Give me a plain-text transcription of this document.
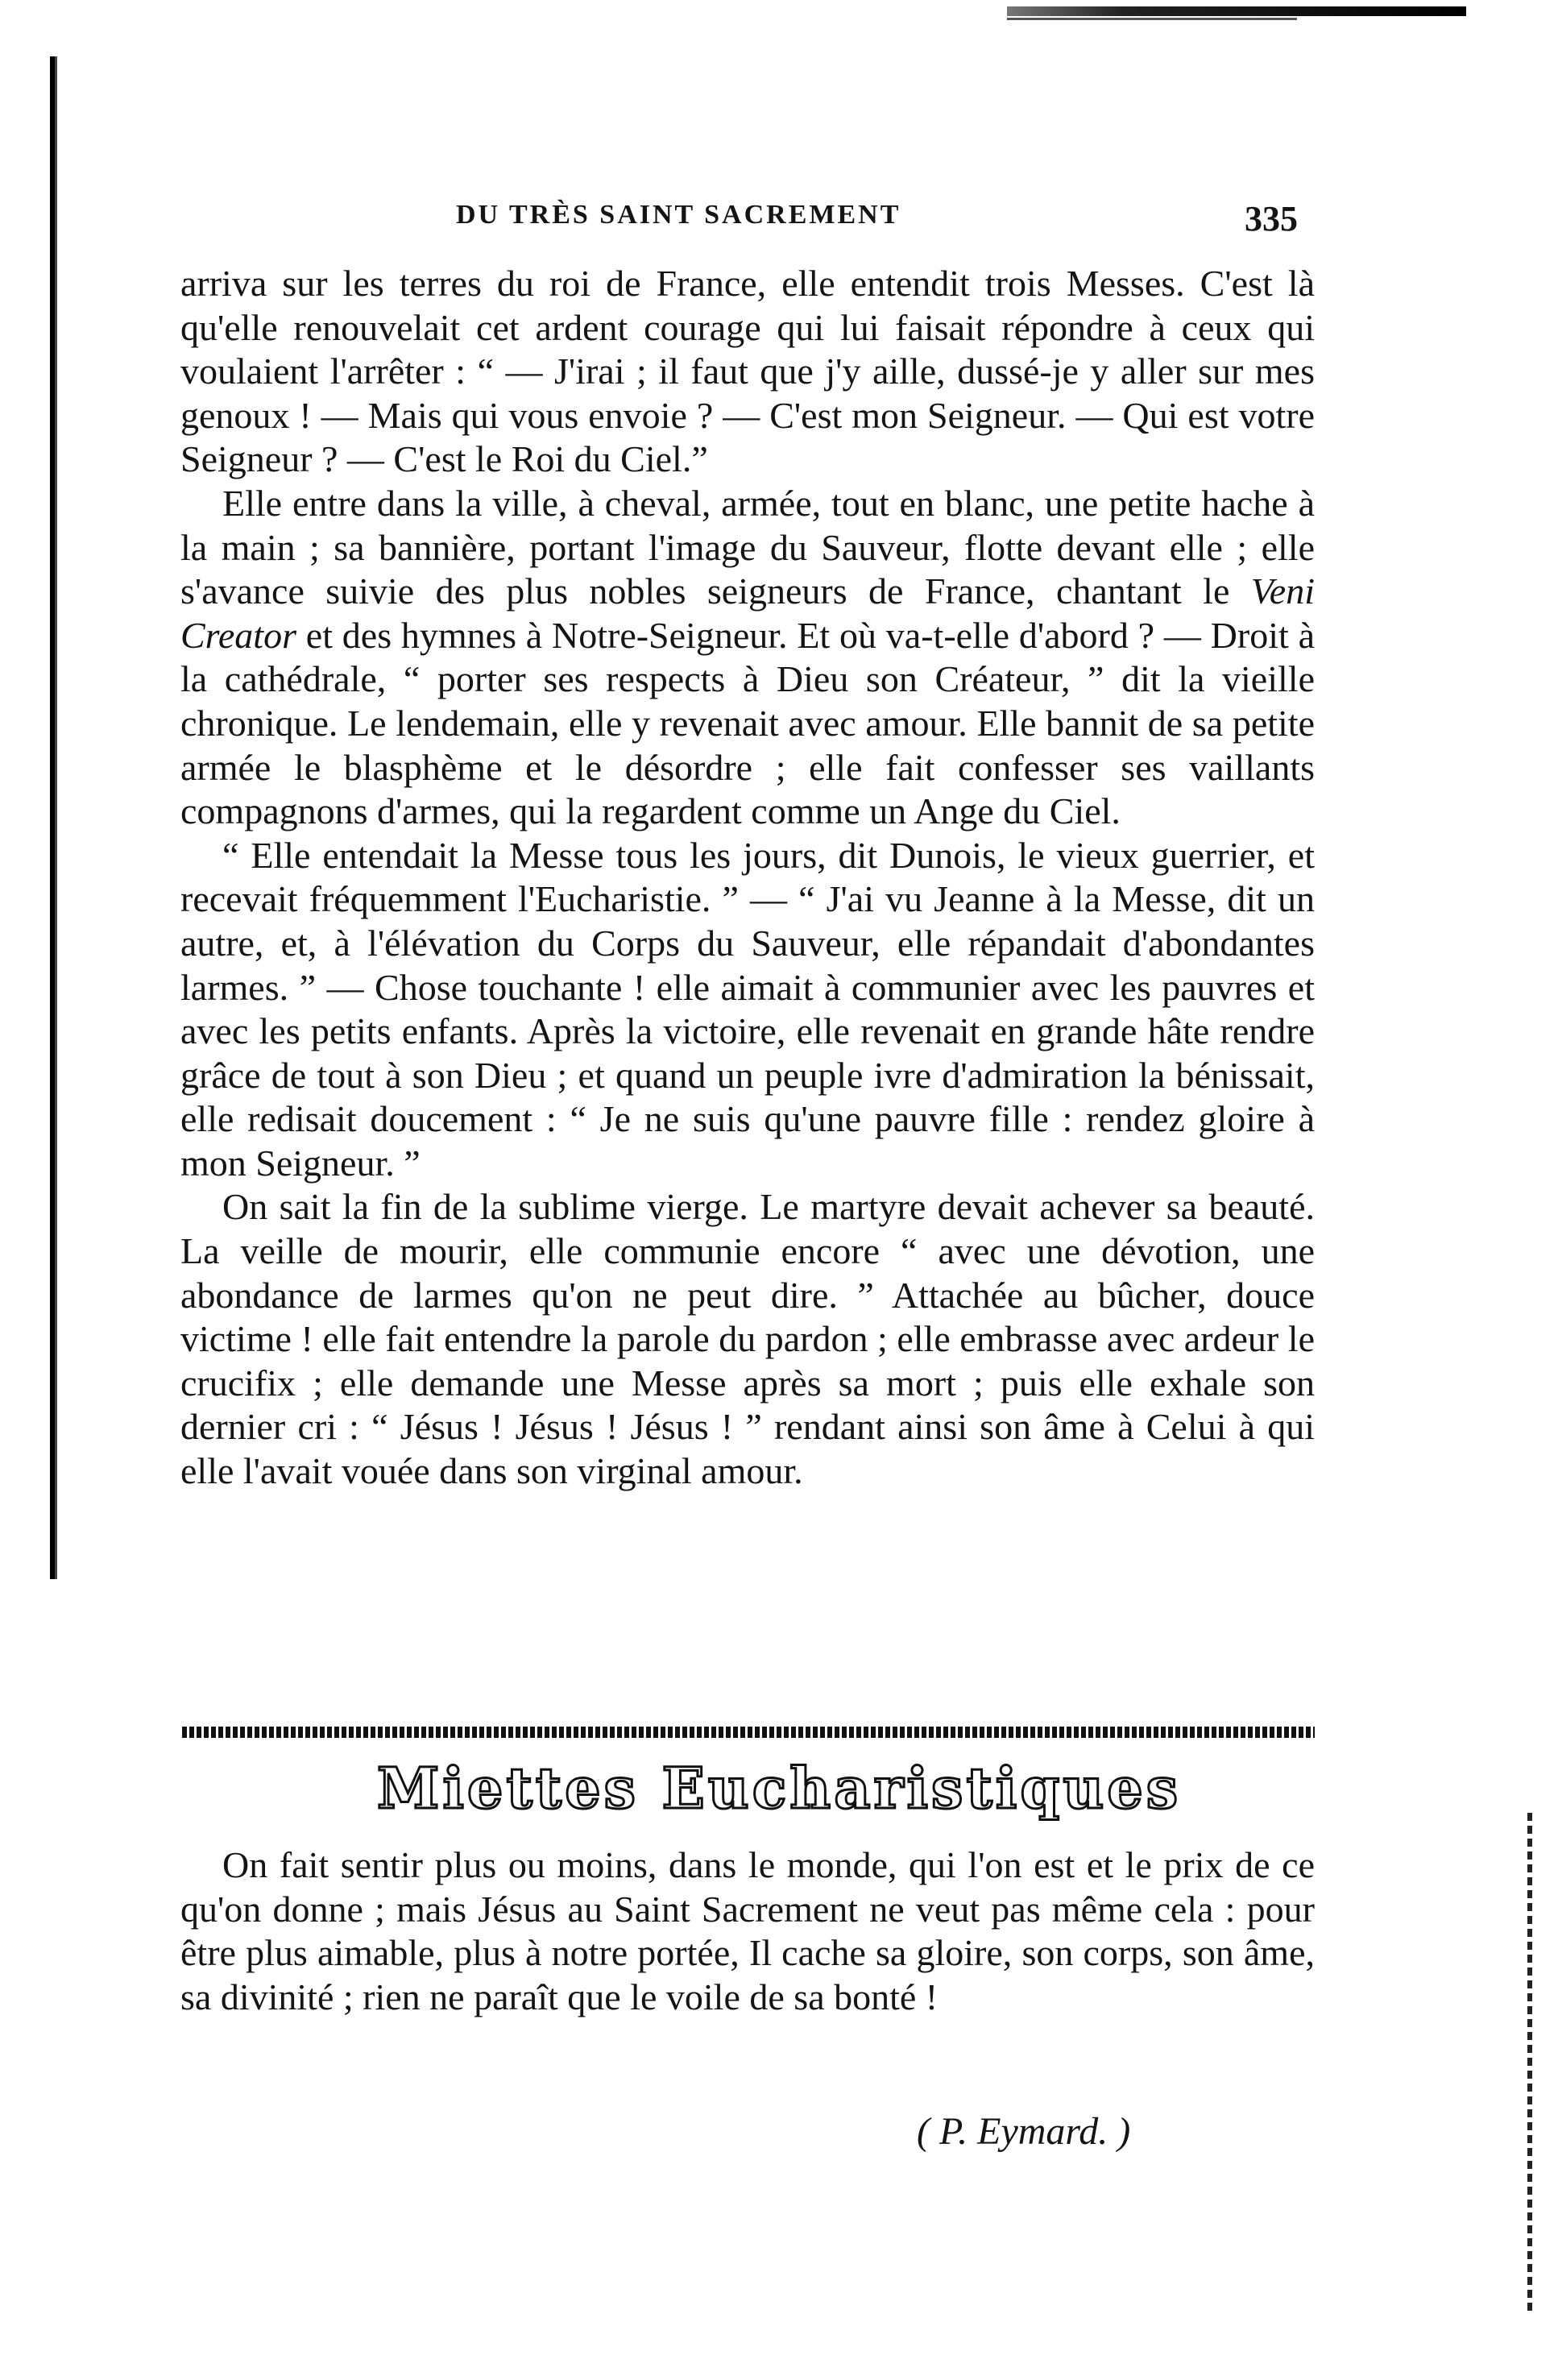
DU TRÈS SAINT SACREMENT	335

arriva sur les terres du roi de France, elle entendit trois Messes. C'est là qu'elle renouvelait cet ardent courage qui lui faisait répondre à ceux qui voulaient l'arrêter : “ — J'irai ; il faut que j'y aille, dussé-je y aller sur mes genoux ! — Mais qui vous envoie ? — C'est mon Seigneur. — Qui est votre Seigneur ? — C'est le Roi du Ciel.”

Elle entre dans la ville, à cheval, armée, tout en blanc, une petite hache à la main ; sa bannière, portant l'image du Sauveur, flotte devant elle ; elle s'avance suivie des plus nobles seigneurs de France, chantant le Veni Creator et des hymnes à Notre-Seigneur. Et où va-t-elle d'abord ? — Droit à la cathédrale, “ porter ses respects à Dieu son Créateur, ” dit la vieille chronique. Le lendemain, elle y revenait avec amour. Elle bannit de sa petite armée le blasphème et le désordre ; elle fait confesser ses vaillants compagnons d'armes, qui la regardent comme un Ange du Ciel.

“ Elle entendait la Messe tous les jours, dit Dunois, le vieux guerrier, et recevait fréquemment l'Eucharistie. ” — “ J'ai vu Jeanne à la Messe, dit un autre, et, à l'élévation du Corps du Sauveur, elle répandait d'abondantes larmes. ” — Chose touchante ! elle aimait à communier avec les pauvres et avec les petits enfants. Après la victoire, elle revenait en grande hâte rendre grâce de tout à son Dieu ; et quand un peuple ivre d'admiration la bénissait, elle redisait doucement : “ Je ne suis qu'une pauvre fille : rendez gloire à mon Seigneur. ”

On sait la fin de la sublime vierge. Le martyre devait achever sa beauté. La veille de mourir, elle communie encore “ avec une dévotion, une abondance de larmes qu'on ne peut dire. ” Attachée au bûcher, douce victime ! elle fait entendre la parole du pardon ; elle embrasse avec ardeur le crucifix ; elle demande une Messe après sa mort ; puis elle exhale son dernier cri : “ Jésus ! Jésus ! Jésus ! ” rendant ainsi son âme à Celui à qui elle l'avait vouée dans son virginal amour.

Miettes Eucharistiques

On fait sentir plus ou moins, dans le monde, qui l'on est et le prix de ce qu'on donne ; mais Jésus au Saint Sacrement ne veut pas même cela : pour être plus aimable, plus à notre portée, Il cache sa gloire, son corps, son âme, sa divinité ; rien ne paraît que le voile de sa bonté !

( P. Eymard. )
